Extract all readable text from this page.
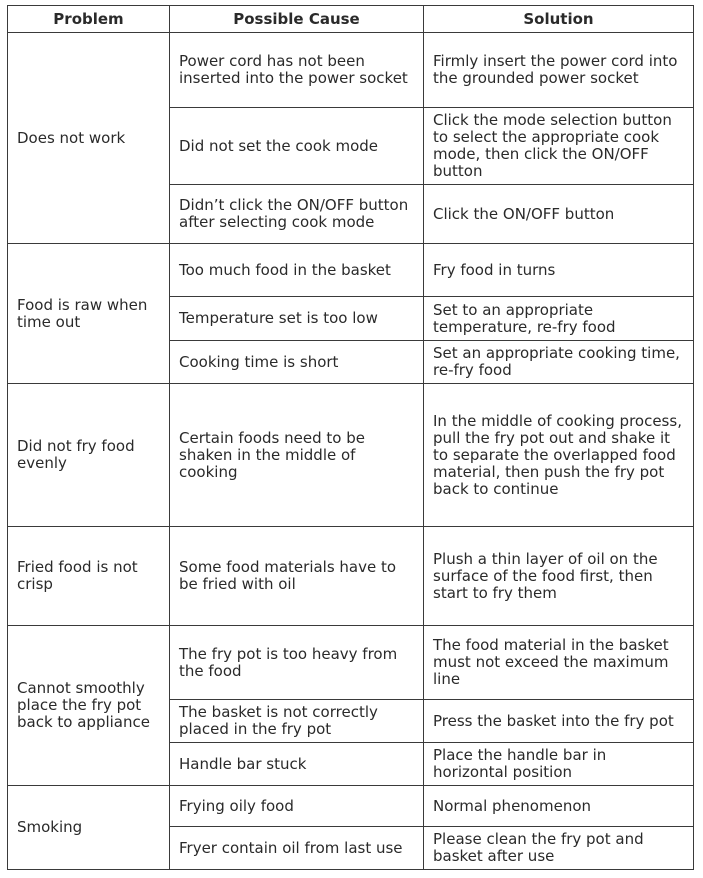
Problem	Possible Cause	Solution
Does not work	Power cord has not been inserted into the power socket	Firmly insert the power cord into the grounded power socket
	Did not set the cook mode	Click the mode selection button to select the appropriate cook mode, then click the ON/OFF button
	Didn’t click the ON/OFF button after selecting cook mode	Click the ON/OFF button
Food is raw when time out	Too much food in the basket	Fry food in turns
	Temperature set is too low	Set to an appropriate temperature, re-fry food
	Cooking time is short	Set an appropriate cooking time, re-fry food
Did not fry food evenly	Certain foods need to be shaken in the middle of cooking	In the middle of cooking process, pull the fry pot out and shake it to separate the overlapped food material, then push the fry pot back to continue
Fried food is not crisp	Some food materials have to be fried with oil	Plush a thin layer of oil on the surface of the food first, then start to fry them
Cannot smoothly place the fry pot back to appliance	The fry pot is too heavy from the food	The food material in the basket must not exceed the maximum line
	The basket is not correctly placed in the fry pot	Press the basket into the fry pot
	Handle bar stuck	Place the handle bar in horizontal position
Smoking	Frying oily food	Normal phenomenon
	Fryer contain oil from last use	Please clean the fry pot and basket after use
